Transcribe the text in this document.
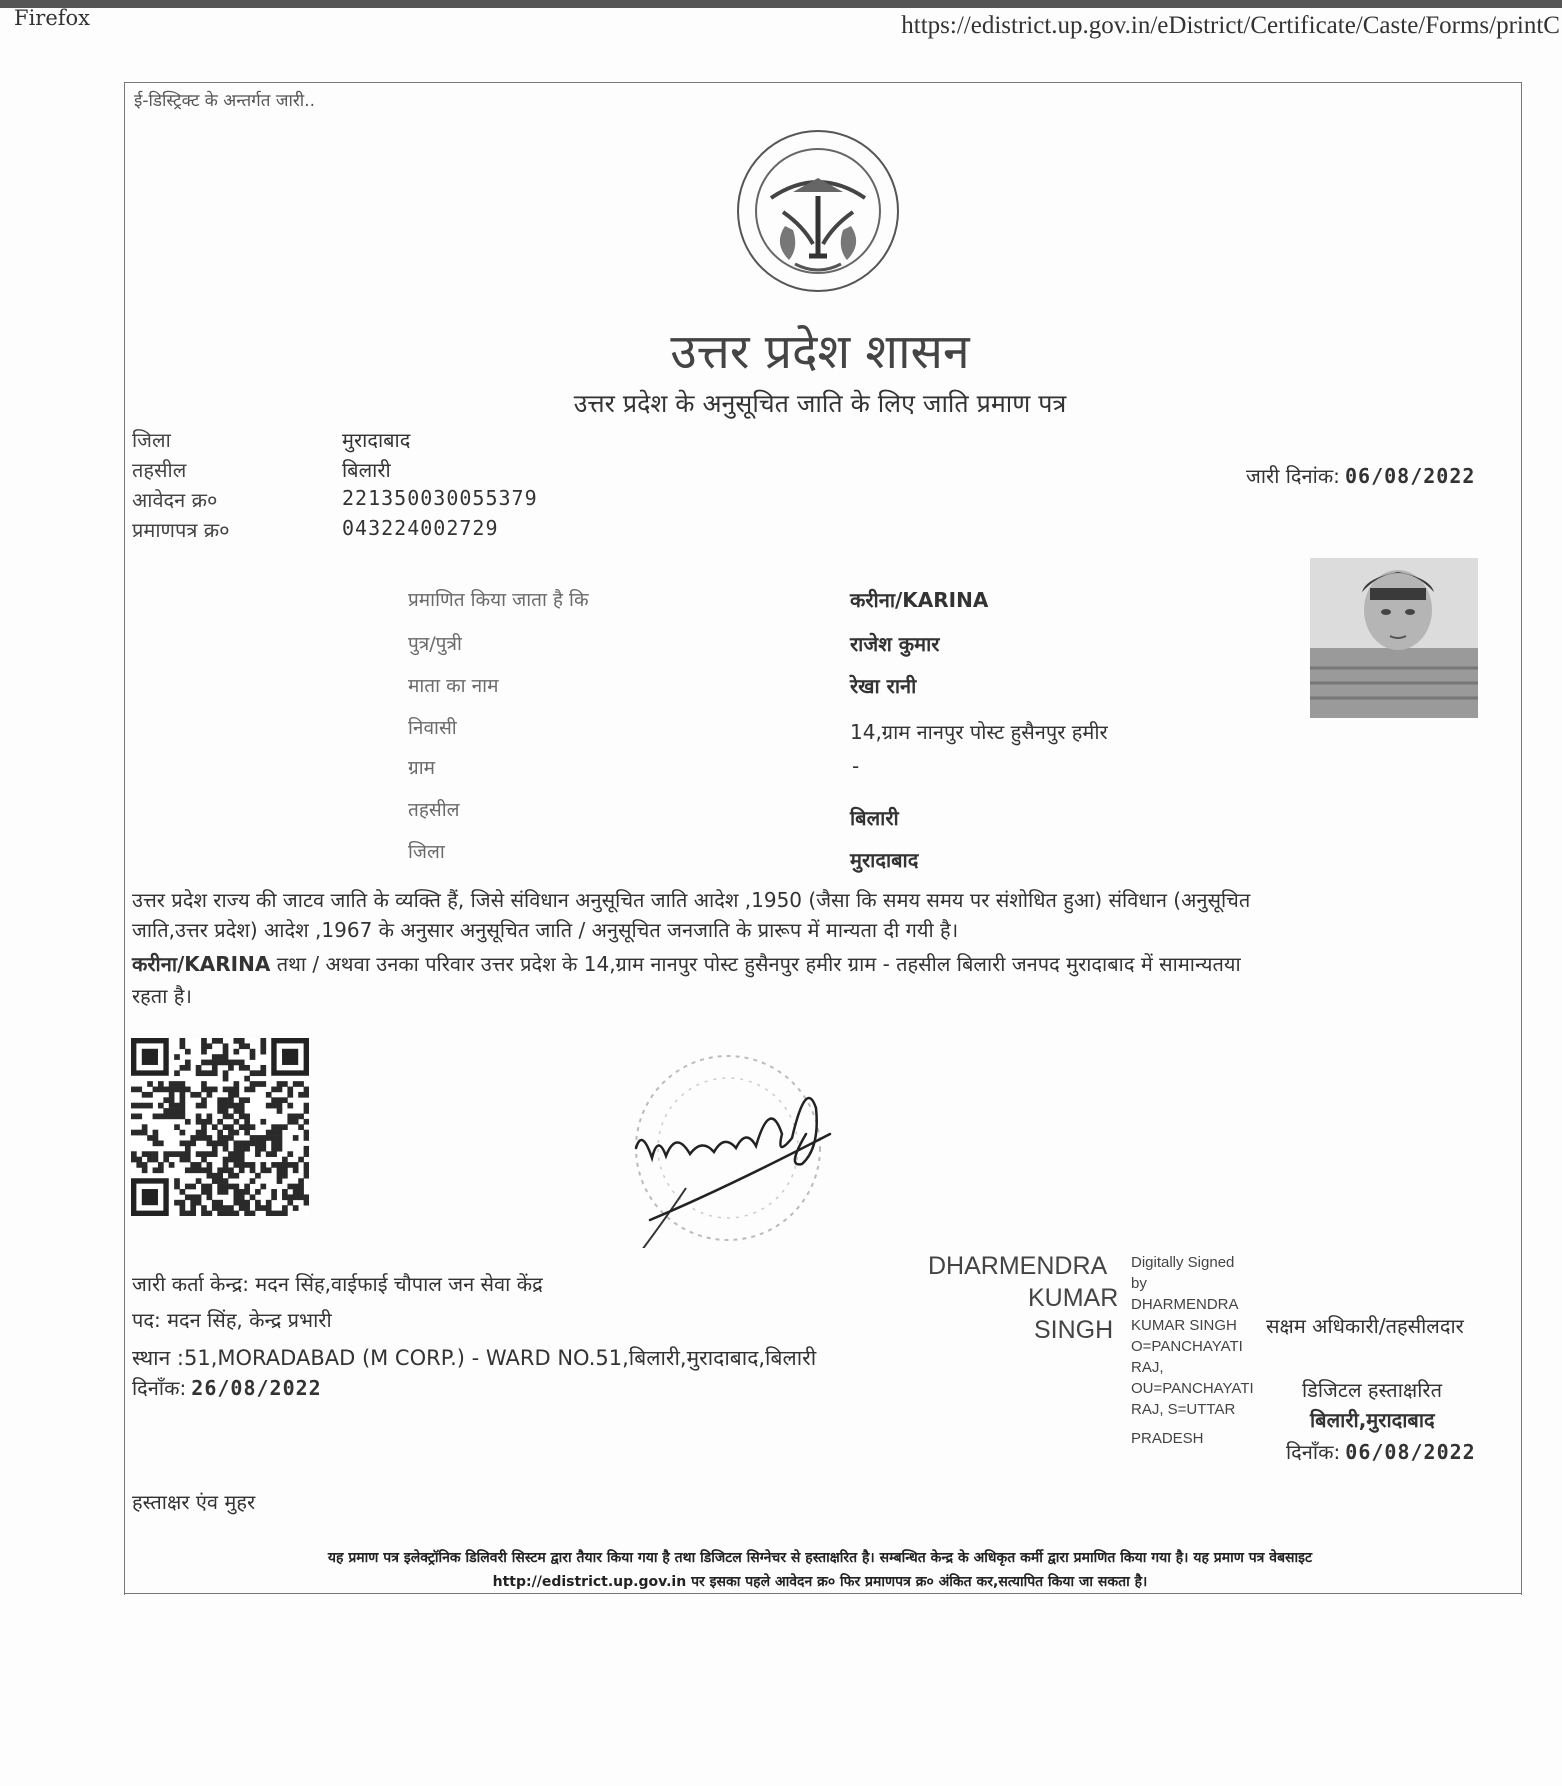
Firefox	https://edistrict.up.gov.in/eDistrict/Certificate/Caste/Forms/printC
ई-डिस्ट्रिक्ट के अन्तर्गत जारी..
उत्तर प्रदेश शासन
उत्तर प्रदेश के अनुसूचित जाति के लिए जाति प्रमाण पत्र
जिला	मुरादाबाद
तहसील	बिलारी
आवेदन क्र०	221350030055379
प्रमाणपत्र क्र०	043224002729
जारी दिनांक: 06/08/2022
प्रमाणित किया जाता है कि	करीना/KARINA
पुत्र/पुत्री	राजेश कुमार
माता का नाम	रेखा रानी
निवासी	14,ग्राम नानपुर पोस्ट हुसैनपुर हमीर
ग्राम	-
तहसील	बिलारी
जिला	मुरादाबाद
उत्तर प्रदेश राज्य की जाटव जाति के व्यक्ति हैं, जिसे संविधान अनुसूचित जाति आदेश ,1950 (जैसा कि समय समय पर संशोधित हुआ) संविधान (अनुसूचित
जाति,उत्तर प्रदेश) आदेश ,1967 के अनुसार अनुसूचित जाति / अनुसूचित जनजाति के प्रारूप में मान्यता दी गयी है।
करीना/KARINA तथा / अथवा उनका परिवार उत्तर प्रदेश के 14,ग्राम नानपुर पोस्ट हुसैनपुर हमीर ग्राम - तहसील बिलारी जनपद मुरादाबाद में सामान्यतया
रहता है।
जारी कर्ता केन्द्र: मदन सिंह,वाईफाई चौपाल जन सेवा केंद्र
पद: मदन सिंह, केन्द्र प्रभारी
स्थान :51,MORADABAD (M CORP.) - WARD NO.51,बिलारी,मुरादाबाद,बिलारी
दिनाँक: 26/08/2022
हस्ताक्षर एंव मुहर
DHARMENDRA
KUMAR
SINGH
Digitally Signed
by
DHARMENDRA
KUMAR SINGH
O=PANCHAYATI
RAJ,
OU=PANCHAYATI
RAJ, S=UTTAR
PRADESH
सक्षम अधिकारी/तहसीलदार
डिजिटल हस्ताक्षरित
बिलारी,मुरादाबाद
दिनाँक: 06/08/2022
यह प्रमाण पत्र इलेक्ट्रॉनिक डिलिवरी सिस्टम द्वारा तैयार किया गया है तथा डिजिटल सिग्नेचर से हस्ताक्षरित है। सम्बन्धित केन्द्र के अधिकृत कर्मी द्वारा प्रमाणित किया गया है। यह प्रमाण पत्र वेबसाइट
http://edistrict.up.gov.in पर इसका पहले आवेदन क्र० फिर प्रमाणपत्र क्र० अंकित कर,सत्यापित किया जा सकता है।
